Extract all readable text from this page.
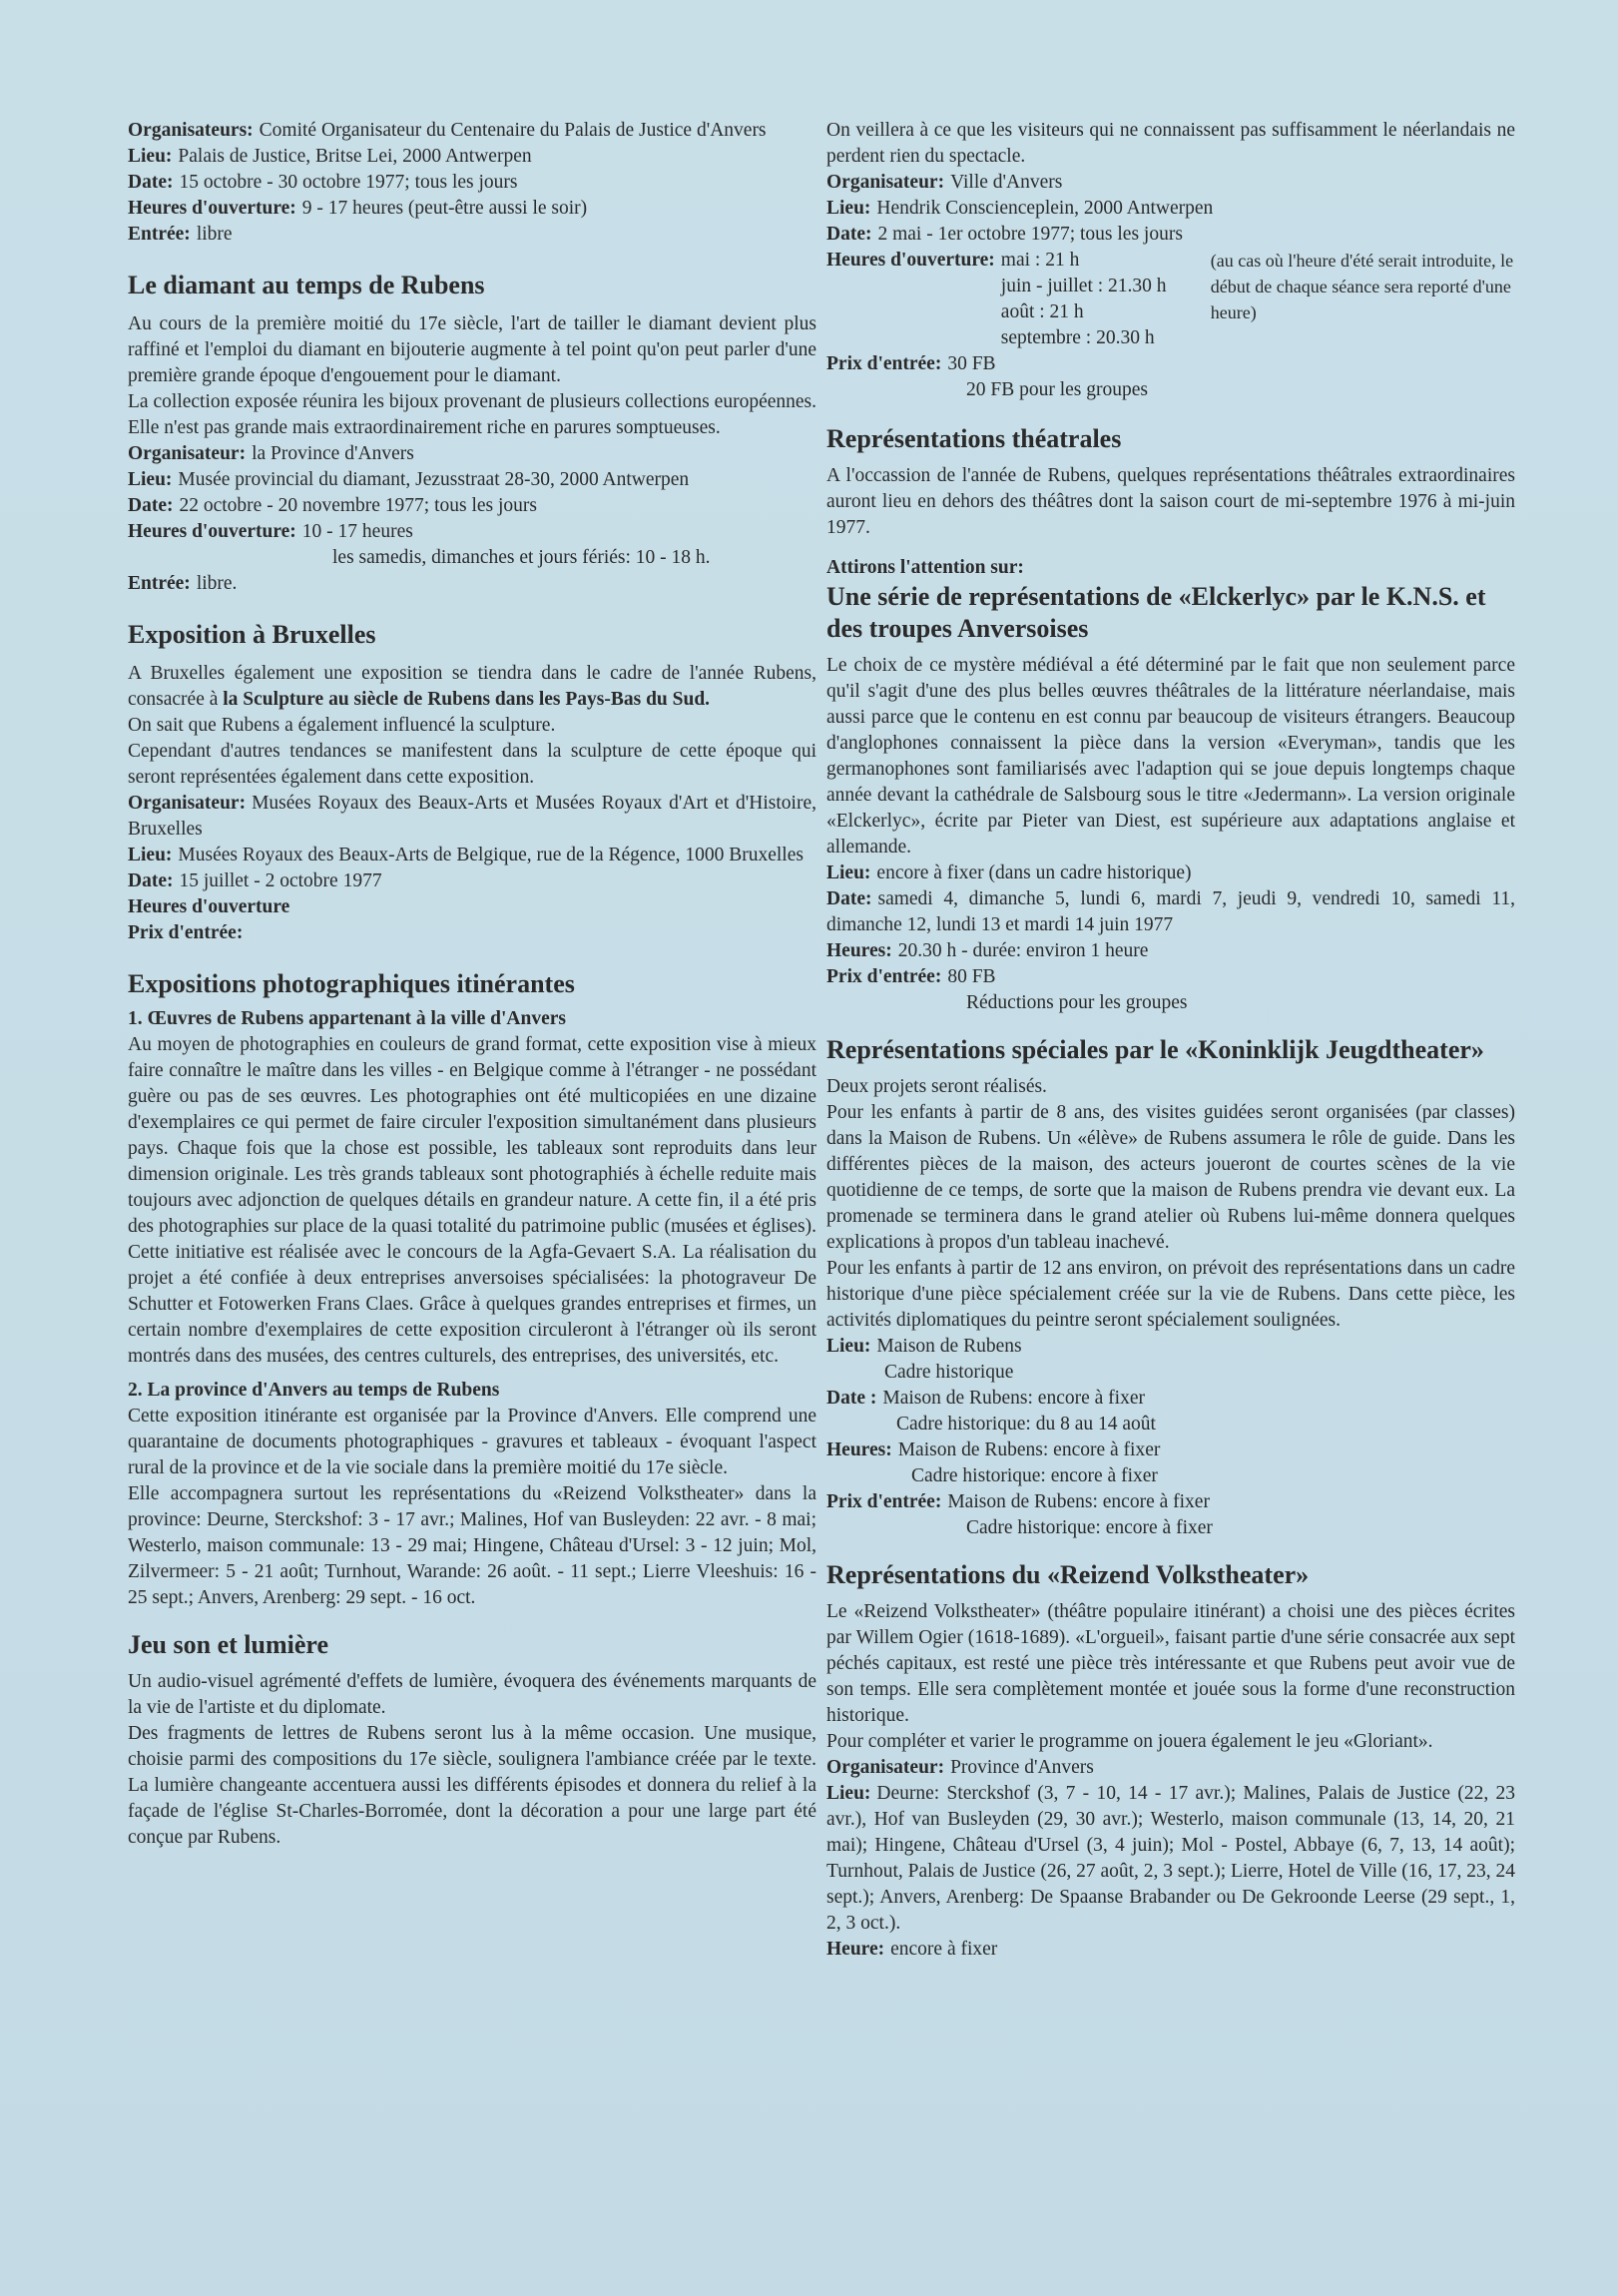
Organisateurs: Comité Organisateur du Centenaire du Palais de Justice d'Anvers

Lieu: Palais de Justice, Britse Lei, 2000 Antwerpen

Date: 15 octobre - 30 octobre 1977; tous les jours

Heures d'ouverture: 9 - 17 heures (peut-être aussi le soir)

Entrée: libre

Le diamant au temps de Rubens

Au cours de la première moitié du 17e siècle, l'art de tailler le diamant devient plus raffiné et l'emploi du diamant en bijouterie augmente à tel point qu'on peut parler d'une première grande époque d'engouement pour le diamant.

La collection exposée réunira les bijoux provenant de plusieurs collections européennes. Elle n'est pas grande mais extraordinairement riche en parures somptueuses.

Organisateur: la Province d'Anvers

Lieu: Musée provincial du diamant, Jezusstraat 28-30, 2000 Antwerpen

Date: 22 octobre - 20 novembre 1977; tous les jours

Heures d'ouverture: 10 - 17 heures

les samedis, dimanches et jours fériés: 10 - 18 h.

Entrée: libre.

Exposition à Bruxelles

A Bruxelles également une exposition se tiendra dans le cadre de l'année Rubens, consacrée à la Sculpture au siècle de Rubens dans les Pays-Bas du Sud.

On sait que Rubens a également influencé la sculpture.

Cependant d'autres tendances se manifestent dans la sculpture de cette époque qui seront représentées également dans cette exposition.

Organisateur: Musées Royaux des Beaux-Arts et Musées Royaux d'Art et d'Histoire, Bruxelles

Lieu: Musées Royaux des Beaux-Arts de Belgique, rue de la Régence, 1000 Bruxelles

Date: 15 juillet - 2 octobre 1977

Heures d'ouverture

Prix d'entrée:

Expositions photographiques itinérantes
1. Œuvres de Rubens appartenant à la ville d'Anvers

Au moyen de photographies en couleurs de grand format, cette exposition vise à mieux faire connaître le maître dans les villes - en Belgique comme à l'étranger - ne possédant guère ou pas de ses œuvres. Les photographies ont été multicopiées en une dizaine d'exemplaires ce qui permet de faire circuler l'exposition simultanément dans plusieurs pays. Chaque fois que la chose est possible, les tableaux sont reproduits dans leur dimension originale. Les très grands tableaux sont photographiés à échelle reduite mais toujours avec adjonction de quelques détails en grandeur nature. A cette fin, il a été pris des photographies sur place de la quasi totalité du patrimoine public (musées et églises). Cette initiative est réalisée avec le concours de la Agfa-Gevaert S.A. La réalisation du projet a été confiée à deux entreprises anversoises spécialisées: la photograveur De Schutter et Fotowerken Frans Claes. Grâce à quelques grandes entreprises et firmes, un certain nombre d'exemplaires de cette exposition circuleront à l'étranger où ils seront montrés dans des musées, des centres culturels, des entreprises, des universités, etc.

2. La province d'Anvers au temps de Rubens

Cette exposition itinérante est organisée par la Province d'Anvers. Elle comprend une quarantaine de documents photographiques - gravures et tableaux - évoquant l'aspect rural de la province et de la vie sociale dans la première moitié du 17e siècle.

Elle accompagnera surtout les représentations du «Reizend Volkstheater» dans la province: Deurne, Sterckshof: 3 - 17 avr.; Malines, Hof van Busleyden: 22 avr. - 8 mai; Westerlo, maison communale: 13 - 29 mai; Hingene, Château d'Ursel: 3 - 12 juin; Mol, Zilvermeer: 5 - 21 août; Turnhout, Warande: 26 août. - 11 sept.; Lierre Vleeshuis: 16 - 25 sept.; Anvers, Arenberg: 29 sept. - 16 oct.

Jeu son et lumière

Un audio-visuel agrémenté d'effets de lumière, évoquera des événements marquants de la vie de l'artiste et du diplomate.

Des fragments de lettres de Rubens seront lus à la même occasion. Une musique, choisie parmi des compositions du 17e siècle, soulignera l'ambiance créée par le texte. La lumière changeante accentuera aussi les différents épisodes et donnera du relief à la façade de l'église St-Charles-Borromée, dont la décoration a pour une large part été conçue par Rubens.

On veillera à ce que les visiteurs qui ne connaissent pas suffisamment le néerlandais ne perdent rien du spectacle.

Organisateur: Ville d'Anvers

Lieu: Hendrik Conscienceplein, 2000 Antwerpen

Date: 2 mai - 1er octobre 1977; tous les jours

Heures d'ouverture: mai : 21 h
juin - juillet : 21.30 h
août : 21 h
septembre : 20.30 h
(au cas où l'heure d'été serait introduite, le début de chaque séance sera reporté d'une heure)

Prix d'entrée: 30 FB

20 FB pour les groupes

Représentations théatrales

A l'occassion de l'année de Rubens, quelques représentations théâtrales extraordinaires auront lieu en dehors des théâtres dont la saison court de mi-septembre 1976 à mi-juin 1977.

Attirons l'attention sur:

Une série de représentations de «Elckerlyc» par le K.N.S. et des troupes Anversoises

Le choix de ce mystère médiéval a été déterminé par le fait que non seulement parce qu'il s'agit d'une des plus belles œuvres théâtrales de la littérature néerlandaise, mais aussi parce que le contenu en est connu par beaucoup de visiteurs étrangers. Beaucoup d'anglophones connaissent la pièce dans la version «Everyman», tandis que les germanophones sont familiarisés avec l'adaption qui se joue depuis longtemps chaque année devant la cathédrale de Salsbourg sous le titre «Jedermann». La version originale «Elckerlyc», écrite par Pieter van Diest, est supérieure aux adaptations anglaise et allemande.

Lieu: encore à fixer (dans un cadre historique)

Date: samedi 4, dimanche 5, lundi 6, mardi 7, jeudi 9, vendredi 10, samedi 11, dimanche 12, lundi 13 et mardi 14 juin 1977

Heures: 20.30 h - durée: environ 1 heure

Prix d'entrée: 80 FB

Réductions pour les groupes

Représentations spéciales par le «Koninklijk Jeugdtheater»

Deux projets seront réalisés.

Pour les enfants à partir de 8 ans, des visites guidées seront organisées (par classes) dans la Maison de Rubens. Un «élève» de Rubens assumera le rôle de guide. Dans les différentes pièces de la maison, des acteurs joueront de courtes scènes de la vie quotidienne de ce temps, de sorte que la maison de Rubens prendra vie devant eux. La promenade se terminera dans le grand atelier où Rubens lui-même donnera quelques explications à propos d'un tableau inachevé.

Pour les enfants à partir de 12 ans environ, on prévoit des représentations dans un cadre historique d'une pièce spécialement créée sur la vie de Rubens. Dans cette pièce, les activités diplomatiques du peintre seront spécialement soulignées.

Lieu: Maison de Rubens

Cadre historique

Date : Maison de Rubens: encore à fixer

Cadre historique: du 8 au 14 août

Heures: Maison de Rubens: encore à fixer

Cadre historique: encore à fixer

Prix d'entrée: Maison de Rubens: encore à fixer

Cadre historique: encore à fixer

Représentations du «Reizend Volkstheater»

Le «Reizend Volkstheater» (théâtre populaire itinérant) a choisi une des pièces écrites par Willem Ogier (1618-1689). «L'orgueil», faisant partie d'une série consacrée aux sept péchés capitaux, est resté une pièce très intéressante et que Rubens peut avoir vue de son temps. Elle sera complètement montée et jouée sous la forme d'une reconstruction historique.

Pour compléter et varier le programme on jouera également le jeu «Gloriant».

Organisateur: Province d'Anvers

Lieu: Deurne: Sterckshof (3, 7 - 10, 14 - 17 avr.); Malines, Palais de Justice (22, 23 avr.), Hof van Busleyden (29, 30 avr.); Westerlo, maison communale (13, 14, 20, 21 mai); Hingene, Château d'Ursel (3, 4 juin); Mol - Postel, Abbaye (6, 7, 13, 14 août); Turnhout, Palais de Justice (26, 27 août, 2, 3 sept.); Lierre, Hotel de Ville (16, 17, 23, 24 sept.); Anvers, Arenberg: De Spaanse Brabander ou De Gekroonde Leerse (29 sept., 1, 2, 3 oct.).

Heure: encore à fixer
